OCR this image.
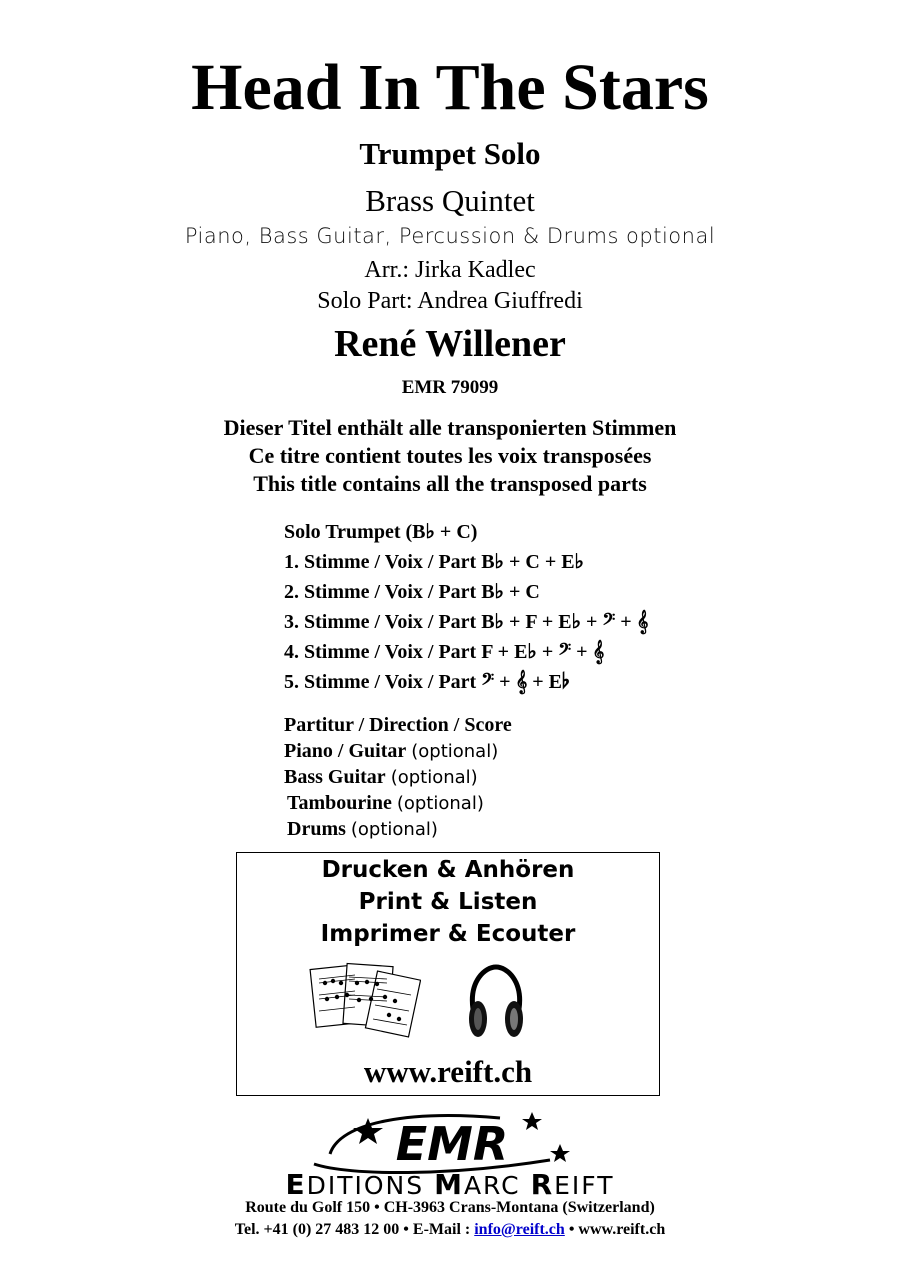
Head In The Stars
Trumpet Solo
Brass Quintet
Piano, Bass Guitar, Percussion & Drums optional
Arr.: Jirka Kadlec
Solo Part: Andrea Giuffredi
René Willener
EMR 79099
Dieser Titel enthält alle transponierten Stimmen
Ce titre contient toutes les voix transposées
This title contains all the transposed parts
Solo Trumpet (B♭ + C)
1. Stimme / Voix / Part B♭ + C + E♭
2. Stimme / Voix / Part B♭ + C
3. Stimme / Voix / Part B♭ + F + E♭ + 𝄢 + 𝄞
4. Stimme / Voix / Part F + E♭ + 𝄢 + 𝄞
5. Stimme / Voix / Part 𝄢 + 𝄞 + E♭
Partitur / Direction / Score
Piano / Guitar (optional)
Bass Guitar (optional)
Tambourine (optional)
Drums (optional)
Drucken & Anhören
Print & Listen
Imprimer & Ecouter
www.reift.ch
EMR
EDITIONS MARC REIFT
Route du Golf 150 • CH-3963 Crans-Montana (Switzerland)
Tel. +41 (0) 27 483 12 00 • E-Mail : info@reift.ch • www.reift.ch
